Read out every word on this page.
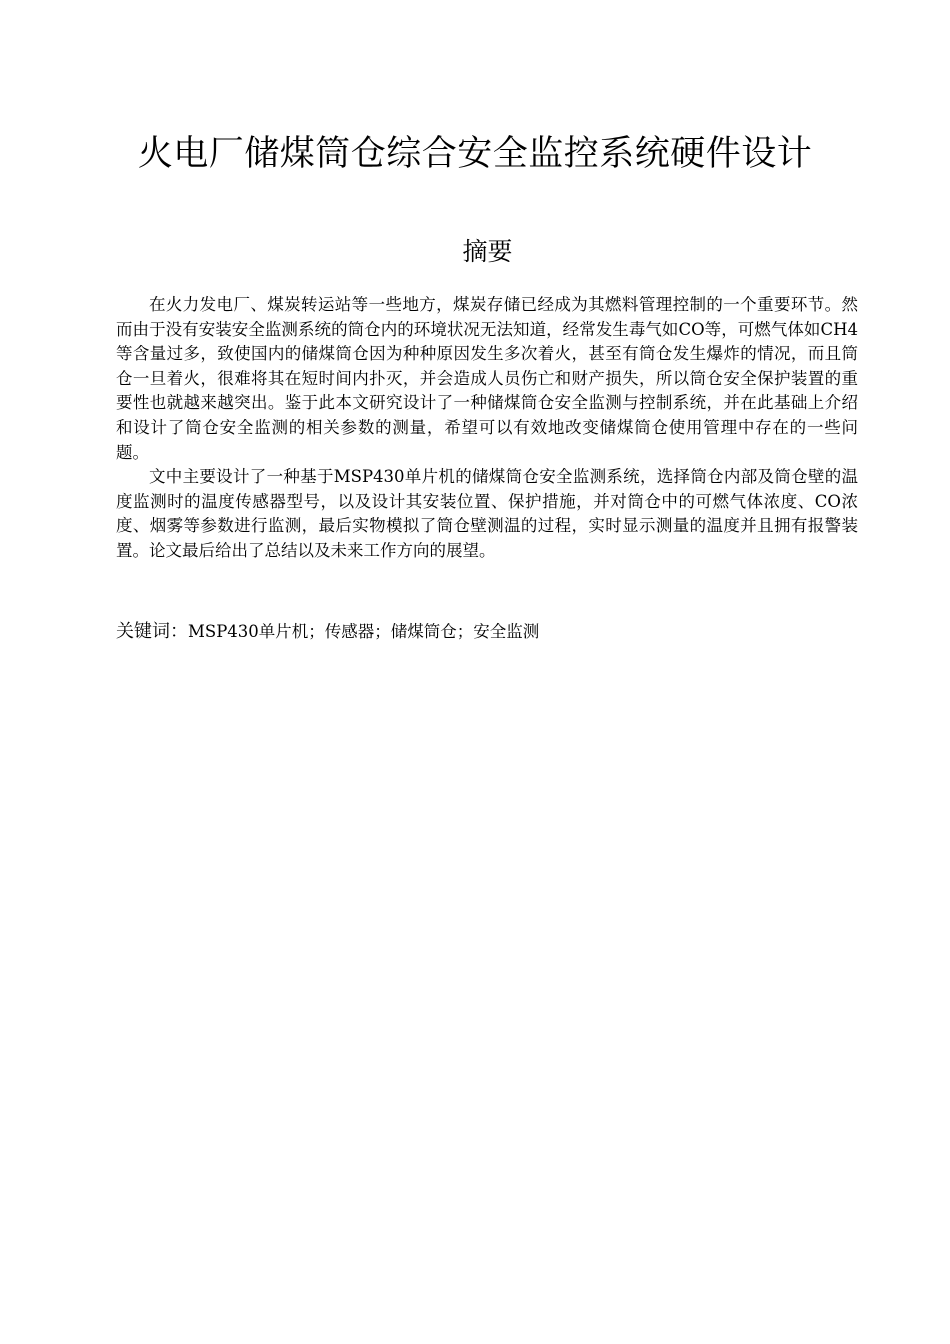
火电厂储煤筒仓综合安全监控系统硬件设计
摘要

在火力发电厂、煤炭转运站等一些地方，煤炭存储已经成为其燃料管理控制的一个重要环节。然而由于没有安装安全监测系统的筒仓内的环境状况无法知道，经常发生毒气如CO等，可燃气体如CH4等含量过多，致使国内的储煤筒仓因为种种原因发生多次着火，甚至有筒仓发生爆炸的情况，而且筒仓一旦着火，很难将其在短时间内扑灭，并会造成人员伤亡和财产损失，所以筒仓安全保护装置的重要性也就越来越突出。鉴于此本文研究设计了一种储煤筒仓安全监测与控制系统，并在此基础上介绍和设计了筒仓安全监测的相关参数的测量，希望可以有效地改变储煤筒仓使用管理中存在的一些问题。

文中主要设计了一种基于MSP430单片机的储煤筒仓安全监测系统，选择筒仓内部及筒仓壁的温度监测时的温度传感器型号，以及设计其安装位置、保护措施，并对筒仓中的可燃气体浓度、CO浓度、烟雾等参数进行监测，最后实物模拟了筒仓壁测温的过程，实时显示测量的温度并且拥有报警装置。论文最后给出了总结以及未来工作方向的展望。

关键词：MSP430单片机；传感器；储煤筒仓；安全监测
